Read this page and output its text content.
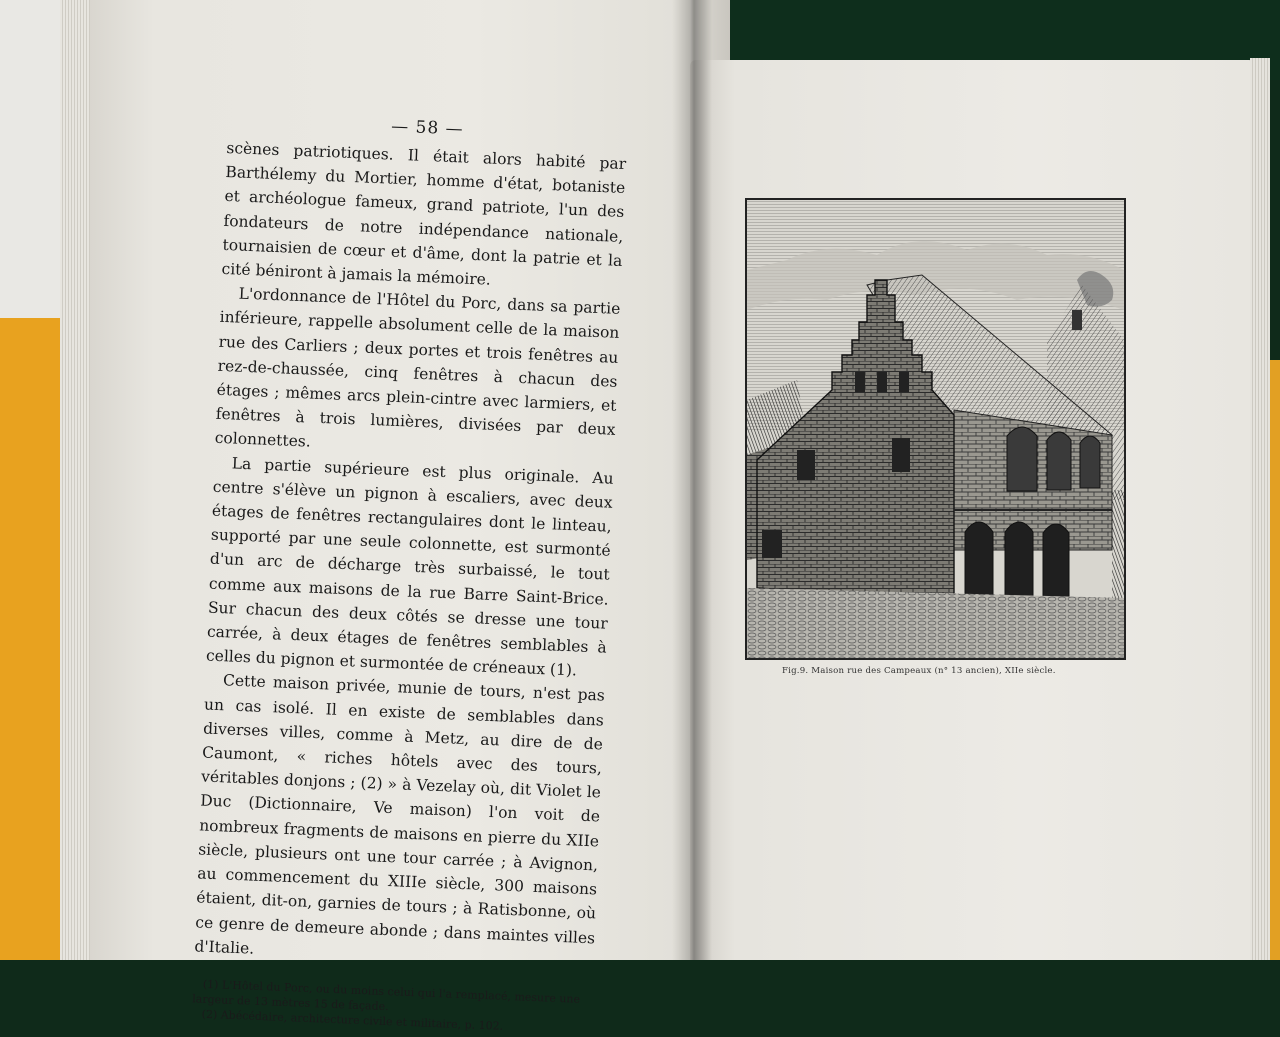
— 58 —

scènes patriotiques. Il était alors habité par Barthélemy du Mortier, homme d'état, botaniste et archéologue fameux, grand patriote, l'un des fondateurs de notre indépendance nationale, tournaisien de cœur et d'âme, dont la patrie et la cité béniront à jamais la mémoire.

L'ordonnance de l'Hôtel du Porc, dans sa partie inférieure, rappelle absolument celle de la maison rue des Carliers ; deux portes et trois fenêtres au rez-de-chaussée, cinq fenêtres à chacun des étages ; mêmes arcs plein-cintre avec larmiers, et fenêtres à trois lumières, divisées par deux colonnettes.

La partie supérieure est plus originale. Au centre s'élève un pignon à escaliers, avec deux étages de fenêtres rectangulaires dont le linteau, supporté par une seule colonnette, est surmonté d'un arc de décharge très surbaissé, le tout comme aux maisons de la rue Barre Saint-Brice. Sur chacun des deux côtés se dresse une tour carrée, à deux étages de fenêtres semblables à celles du pignon et surmontée de créneaux (1).

Cette maison privée, munie de tours, n'est pas un cas isolé. Il en existe de semblables dans diverses villes, comme à Metz, au dire de de Caumont, « riches hôtels avec des tours, véritables donjons ; (2) » à Vezelay où, dit Violet le Duc (Dictionnaire, Ve maison) l'on voit de nombreux fragments de maisons en pierre du XIIe siècle, plusieurs ont une tour carrée ; à Avignon, au commencement du XIIIe siècle, 300 maisons étaient, dit-on, garnies de tours ; à Ratisbonne, où ce genre de demeure abonde ; dans maintes villes d'Italie.

(1) L'Hôtel du Porc, ou du moins celui qui l'a remplacé, mesure une largeur de 13 mètres 15 de façade.

(2) Abécédaire, architecture civile et militaire, p. 102.

Fig.9. Maison rue des Campeaux (n° 13 ancien), XIIe siècle.
